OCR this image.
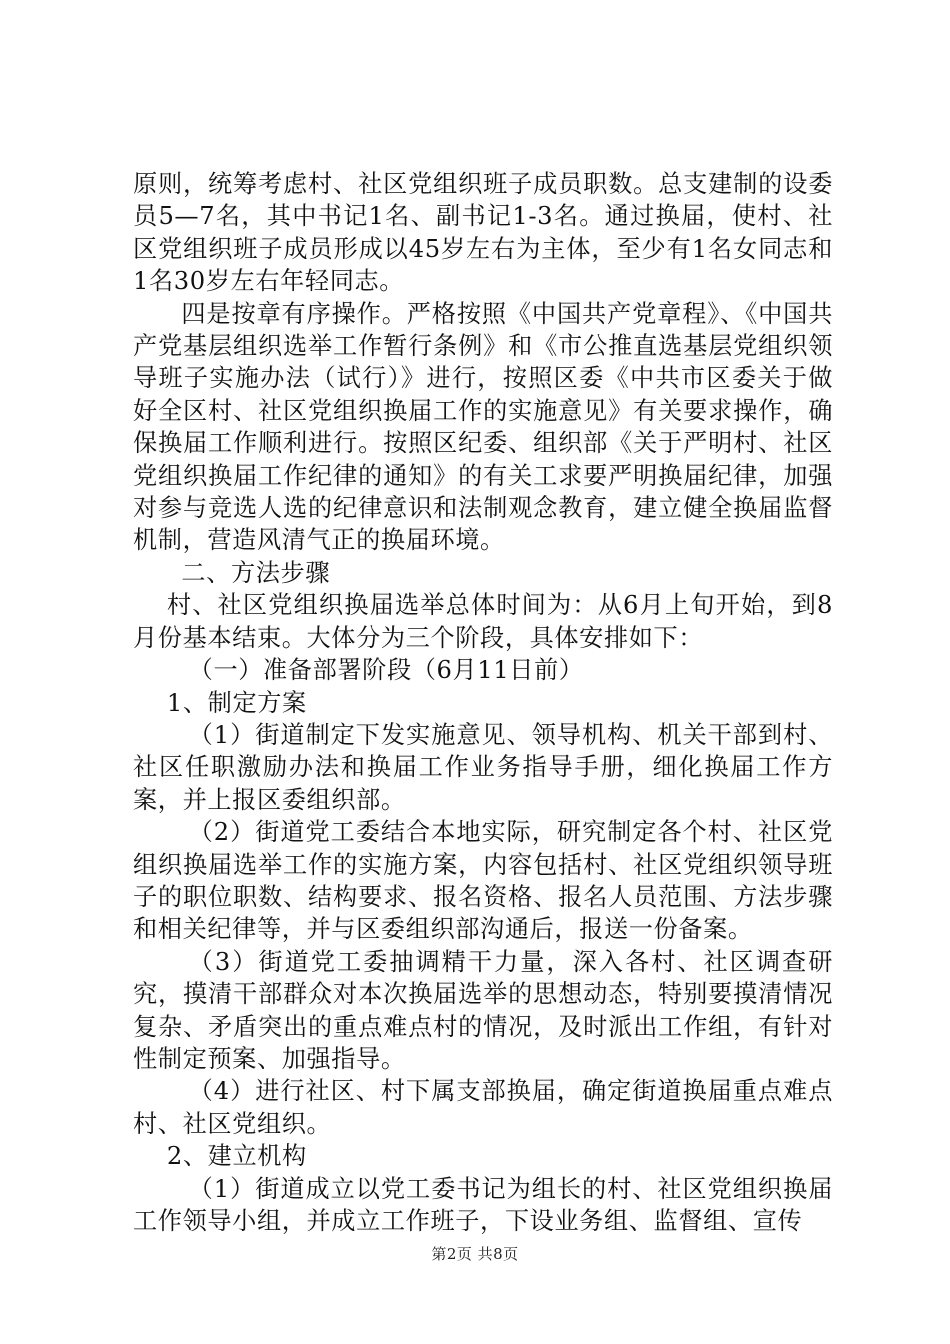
原则，统筹考虑村、社区党组织班子成员职数。总支建制的设委员5—7名，其中书记1名、副书记1-3名。通过换届，使村、社区党组织班子成员形成以45岁左右为主体，至少有1名女同志和1名30岁左右年轻同志。

四是按章有序操作。严格按照《中国共产党章程》、《中国共产党基层组织选举工作暂行条例》和《市公推直选基层党组织领导班子实施办法（试行）》进行，按照区委《中共市区委关于做好全区村、社区党组织换届工作的实施意见》有关要求操作，确保换届工作顺利进行。按照区纪委、组织部《关于严明村、社区党组织换届工作纪律的通知》的有关工求要严明换届纪律，加强对参与竞选人选的纪律意识和法制观念教育，建立健全换届监督机制，营造风清气正的换届环境。

二、方法步骤

村、社区党组织换届选举总体时间为：从6月上旬开始，到8月份基本结束。大体分为三个阶段，具体安排如下：

（一）准备部署阶段（6月11日前）

1、制定方案

（1）街道制定下发实施意见、领导机构、机关干部到村、社区任职激励办法和换届工作业务指导手册，细化换届工作方案，并上报区委组织部。

（2）街道党工委结合本地实际，研究制定各个村、社区党组织换届选举工作的实施方案，内容包括村、社区党组织领导班子的职位职数、结构要求、报名资格、报名人员范围、方法步骤和相关纪律等，并与区委组织部沟通后，报送一份备案。

（3）街道党工委抽调精干力量，深入各村、社区调查研究，摸清干部群众对本次换届选举的思想动态，特别要摸清情况复杂、矛盾突出的重点难点村的情况，及时派出工作组，有针对性制定预案、加强指导。

（4）进行社区、村下属支部换届，确定街道换届重点难点村、社区党组织。

2、建立机构

（1）街道成立以党工委书记为组长的村、社区党组织换届工作领导小组，并成立工作班子，下设业务组、监督组、宣传

第2页 共8页
